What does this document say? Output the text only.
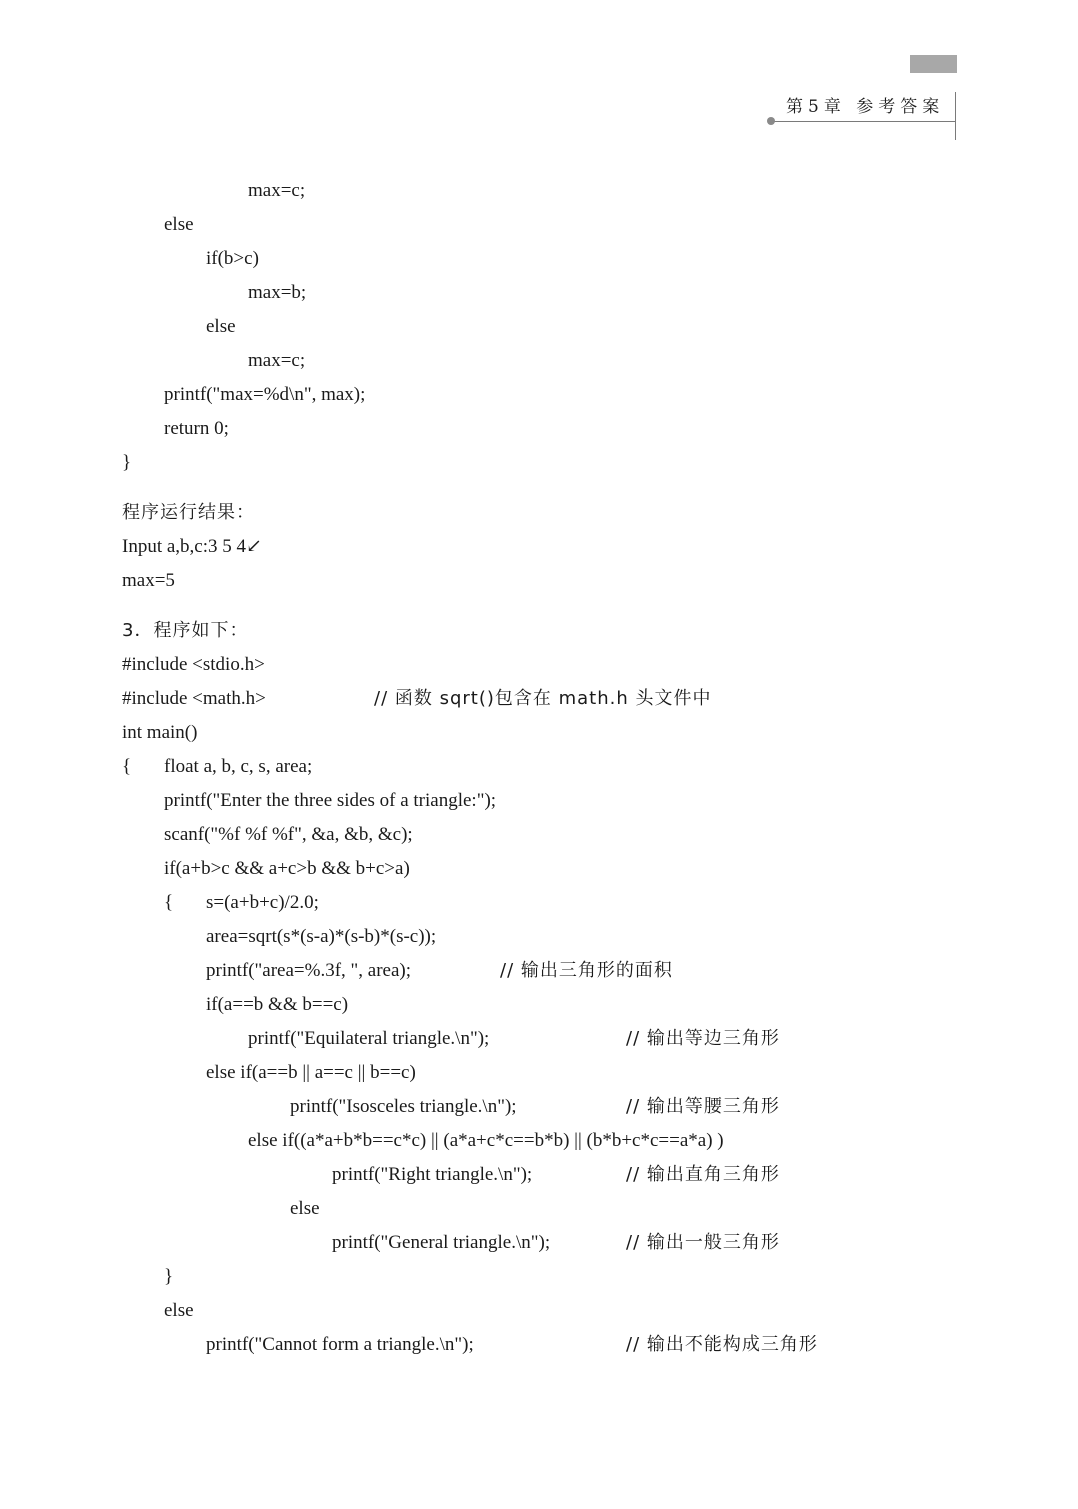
第5章 参考答案
max=c;
else
if(b>c)
max=b;
else
max=c;
printf("max=%d\n", max);
return 0;
}
程序运行结果：
Input a,b,c:3 5 4↙
max=5
3．程序如下：
#include <stdio.h>
#include <math.h>	// 函数 sqrt()包含在 math.h 头文件中
int main()
{ float a, b, c, s, area;
printf("Enter the three sides of a triangle:");
scanf("%f %f %f", &a, &b, &c);
if(a+b>c && a+c>b && b+c>a)
{ s=(a+b+c)/2.0;
area=sqrt(s*(s-a)*(s-b)*(s-c));
printf("area=%.3f, ", area);	// 输出三角形的面积
if(a==b && b==c)
printf("Equilateral triangle.\n");	// 输出等边三角形
else if(a==b || a==c || b==c)
printf("Isosceles triangle.\n");	// 输出等腰三角形
else if((a*a+b*b==c*c) || (a*a+c*c==b*b) || (b*b+c*c==a*a) )
printf("Right triangle.\n");	// 输出直角三角形
else
printf("General triangle.\n");	// 输出一般三角形
}
else
printf("Cannot form a triangle.\n");	// 输出不能构成三角形
